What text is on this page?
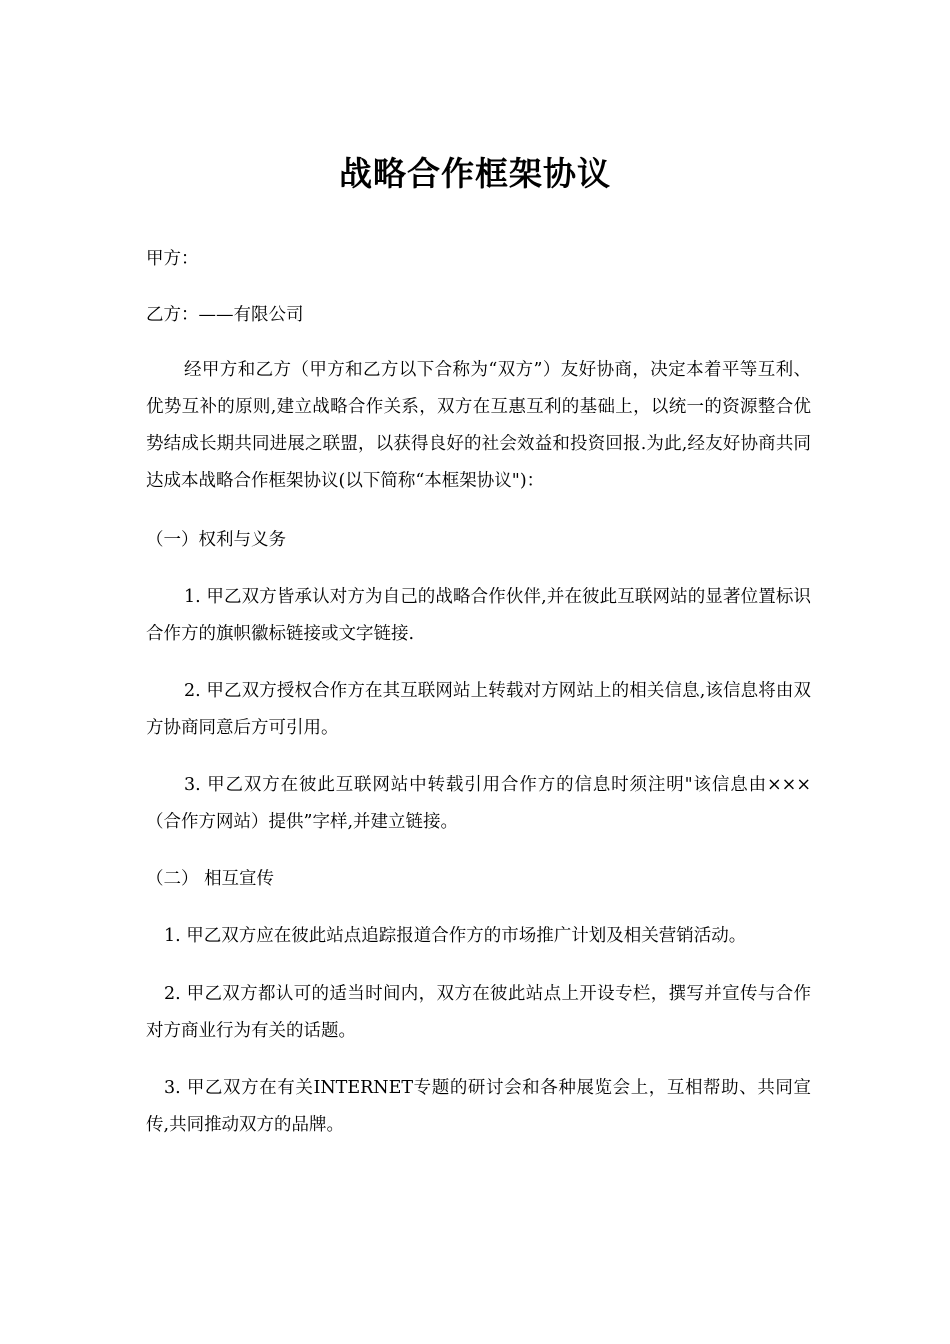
战略合作框架协议
甲方：
乙方：——有限公司
经甲方和乙方（甲方和乙方以下合称为“双方”）友好协商，决定本着平等互利、优势互补的原则,建立战略合作关系，双方在互惠互利的基础上，以统一的资源整合优势结成长期共同进展之联盟，以获得良好的社会效益和投资回报.为此,经友好协商共同达成本战略合作框架协议(以下简称“本框架协议")：
（一）权利与义务
1. 甲乙双方皆承认对方为自己的战略合作伙伴,并在彼此互联网站的显著位置标识合作方的旗帜徽标链接或文字链接.
2. 甲乙双方授权合作方在其互联网站上转载对方网站上的相关信息,该信息将由双方协商同意后方可引用。
3. 甲乙双方在彼此互联网站中转载引用合作方的信息时须注明"该信息由×××（合作方网站）提供”字样,并建立链接。
（二） 相互宣传
1. 甲乙双方应在彼此站点追踪报道合作方的市场推广计划及相关营销活动。
2. 甲乙双方都认可的适当时间内，双方在彼此站点上开设专栏，撰写并宣传与合作对方商业行为有关的话题。
3. 甲乙双方在有关INTERNET专题的研讨会和各种展览会上，互相帮助、共同宣传,共同推动双方的品牌。
